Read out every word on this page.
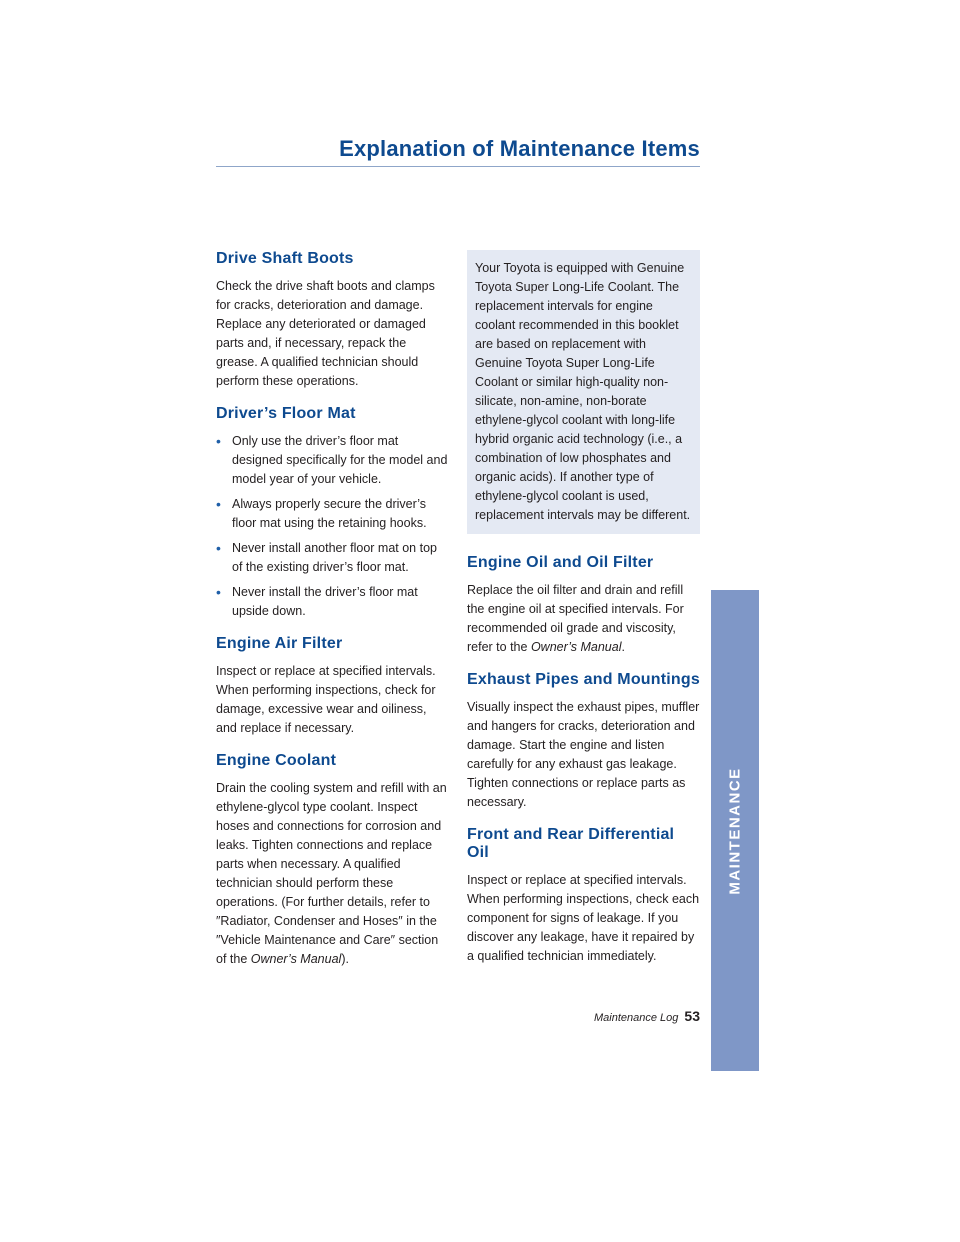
Explanation of Maintenance Items
Drive Shaft Boots

Check the drive shaft boots and clamps for cracks, deterioration and damage. Replace any deteriorated or damaged parts and, if necessary, repack the grease. A qualified technician should perform these operations.

Driver’s Floor Mat
• Only use the driver’s floor mat designed specifically for the model and model year of your vehicle.
• Always properly secure the driver’s floor mat using the retaining hooks.
• Never install another floor mat on top of the existing driver’s floor mat.
• Never install the driver’s floor mat upside down.
Engine Air Filter

Inspect or replace at specified intervals. When performing inspections, check for damage, excessive wear and oiliness, and replace if necessary.

Engine Coolant

Drain the cooling system and refill with an ethylene-glycol type coolant. Inspect hoses and connections for corrosion and leaks. Tighten connections and replace parts when necessary. A qualified technician should perform these operations. (For further details, refer to ″Radiator, Condenser and Hoses″ in the ″Vehicle Maintenance and Care″ section of the Owner’s Manual).

Your Toyota is equipped with Genuine Toyota Super Long-Life Coolant. The replacement intervals for engine coolant recommended in this booklet are based on replacement with Genuine Toyota Super Long-Life Coolant or similar high-quality non-silicate, non-amine, non-borate ethylene-glycol coolant with long-life hybrid organic acid technology (i.e., a combination of low phosphates and organic acids). If another type of ethylene-glycol coolant is used, replacement intervals may be different.
Engine Oil and Oil Filter

Replace the oil filter and drain and refill the engine oil at specified intervals. For recommended oil grade and viscosity, refer to the Owner’s Manual.

Exhaust Pipes and Mountings

Visually inspect the exhaust pipes, muffler and hangers for cracks, deterioration and damage. Start the engine and listen carefully for any exhaust gas leakage. Tighten connections or replace parts as necessary.

Front and Rear Differential Oil

Inspect or replace at specified intervals. When performing inspections, check each component for signs of leakage. If you discover any leakage, have it repaired by a qualified technician immediately.

MAINTENANCE
Maintenance Log 53
